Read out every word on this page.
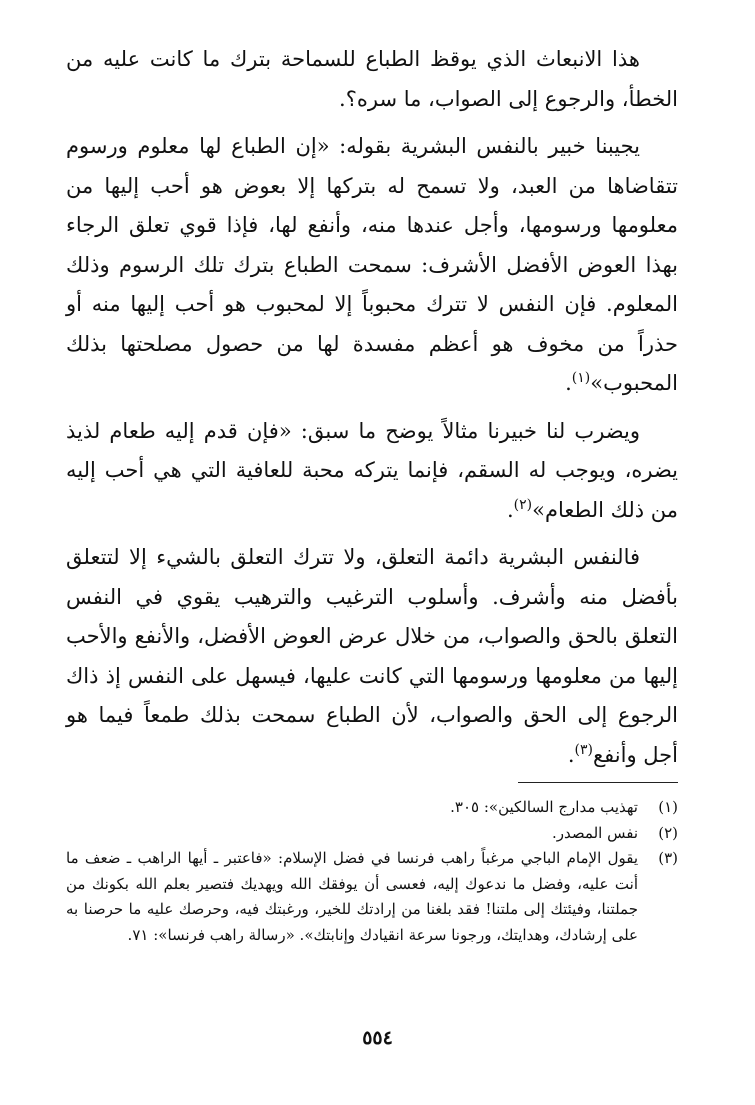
هذا الانبعاث الذي يوقظ الطباع للسماحة بترك ما كانت عليه من الخطأ، والرجوع إلى الصواب، ما سره؟.

يجيبنا خبير بالنفس البشرية بقوله: «إن الطباع لها معلوم ورسوم تتقاضاها من العبد، ولا تسمح له بتركها إلا بعوض هو أحب إليها من معلومها ورسومها، وأجل عندها منه، وأنفع لها، فإذا قوي تعلق الرجاء بهذا العوض الأفضل الأشرف: سمحت الطباع بترك تلك الرسوم وذلك المعلوم. فإن النفس لا تترك محبوباً إلا لمحبوب هو أحب إليها منه أو حذراً من مخوف هو أعظم مفسدة لها من حصول مصلحتها بذلك المحبوب»$^{(١)}$.

ويضرب لنا خبيرنا مثالاً يوضح ما سبق: «فإن قدم إليه طعام لذيذ يضره، ويوجب له السقم، فإنما يتركه محبة للعافية التي هي أحب إليه من ذلك الطعام»$^{(٢)}$.

فالنفس البشرية دائمة التعلق، ولا تترك التعلق بالشيء إلا لتتعلق بأفضل منه وأشرف. وأسلوب الترغيب والترهيب يقوي في النفس التعلق بالحق والصواب، من خلال عرض العوض الأفضل، والأنفع والأحب إليها من معلومها ورسومها التي كانت عليها، فيسهل على النفس إذ ذاك الرجوع إلى الحق والصواب، لأن الطباع سمحت بذلك طمعاً فيما هو أجل وأنفع$^{(٣)}$.

(١)
تهذيب مدارج السالكين»: ٣٠٥.
(٢)
نفس المصدر.
(٣)
يقول الإمام الباجي مرغباً راهب فرنسا في فضل الإسلام: «فاعتبر ـ أيها الراهب ـ ضعف ما أنت عليه، وفضل ما ندعوك إليه، فعسى أن يوفقك الله ويهديك فتصير بعلم الله بكونك من جملتنا، وفيئتك إلى ملتنا! فقد بلغنا من إرادتك للخير، ورغبتك فيه، وحرصك عليه ما حرصنا به على إرشادك، وهدايتك، ورجونا سرعة انقيادك وإنابتك». «رسالة راهب فرنسا»: ٧١.
٥٥٤
